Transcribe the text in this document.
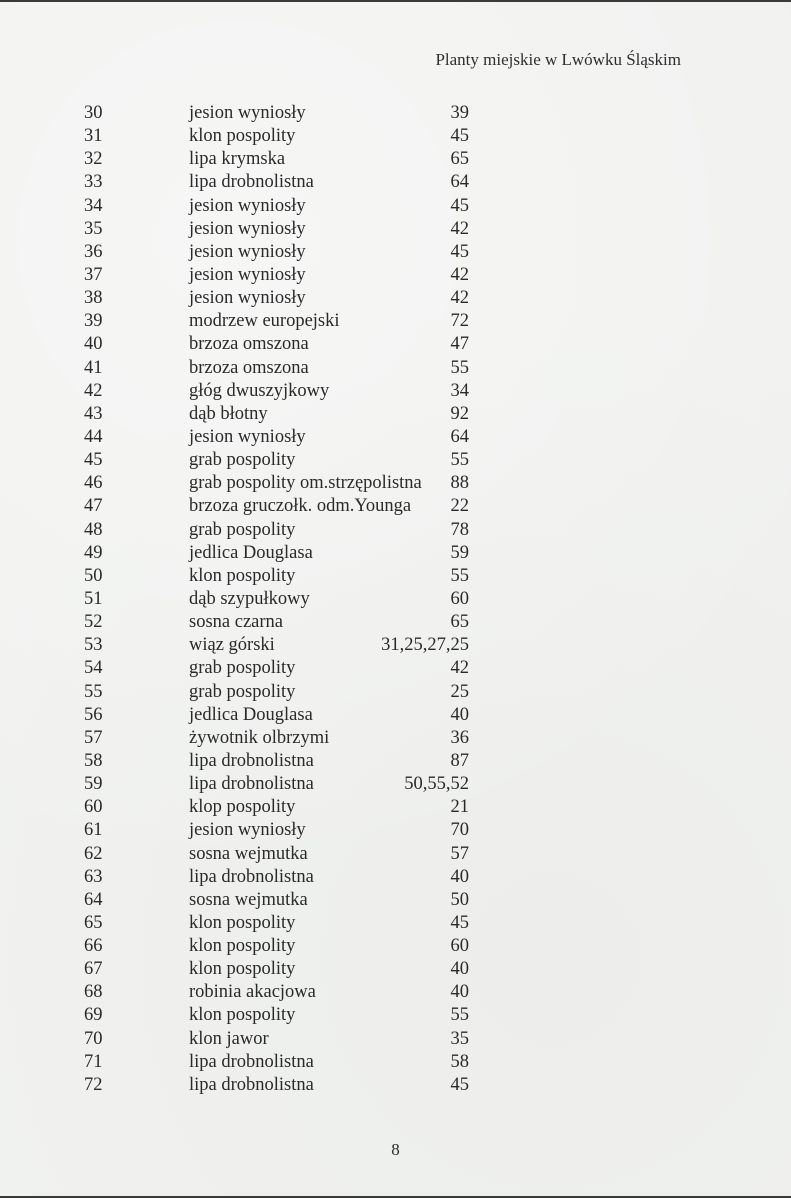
Planty miejskie w Lwówku Śląskim
30	jesion wyniosły	39
31	klon pospolity	45
32	lipa krymska	65
33	lipa drobnolistna	64
34	jesion wyniosły	45
35	jesion wyniosły	42
36	jesion wyniosły	45
37	jesion wyniosły	42
38	jesion wyniosły	42
39	modrzew europejski	72
40	brzoza omszona	47
41	brzoza omszona	55
42	głóg dwuszyjkowy	34
43	dąb błotny	92
44	jesion wyniosły	64
45	grab pospolity	55
46	grab pospolity om.strzępolistna 88
47	brzoza gruczołk. odm.Younga 22
48	grab pospolity	78
49	jedlica Douglasa	59
50	klon pospolity	55
51	dąb szypułkowy	60
52	sosna czarna	65
53	wiąz górski	31,25,27,25
54	grab pospolity	42
55	grab pospolity	25
56	jedlica Douglasa	40
57	żywotnik olbrzymi	36
58	lipa drobnolistna	87
59	lipa drobnolistna	50,55,52
60	klop pospolity	21
61	jesion wyniosły	70
62	sosna wejmutka	57
63	lipa drobnolistna	40
64	sosna wejmutka	50
65	klon pospolity	45
66	klon pospolity	60
67	klon pospolity	40
68	robinia akacjowa	40
69	klon pospolity	55
70	klon jawor	35
71	lipa drobnolistna	58
72	lipa drobnolistna	45
8
